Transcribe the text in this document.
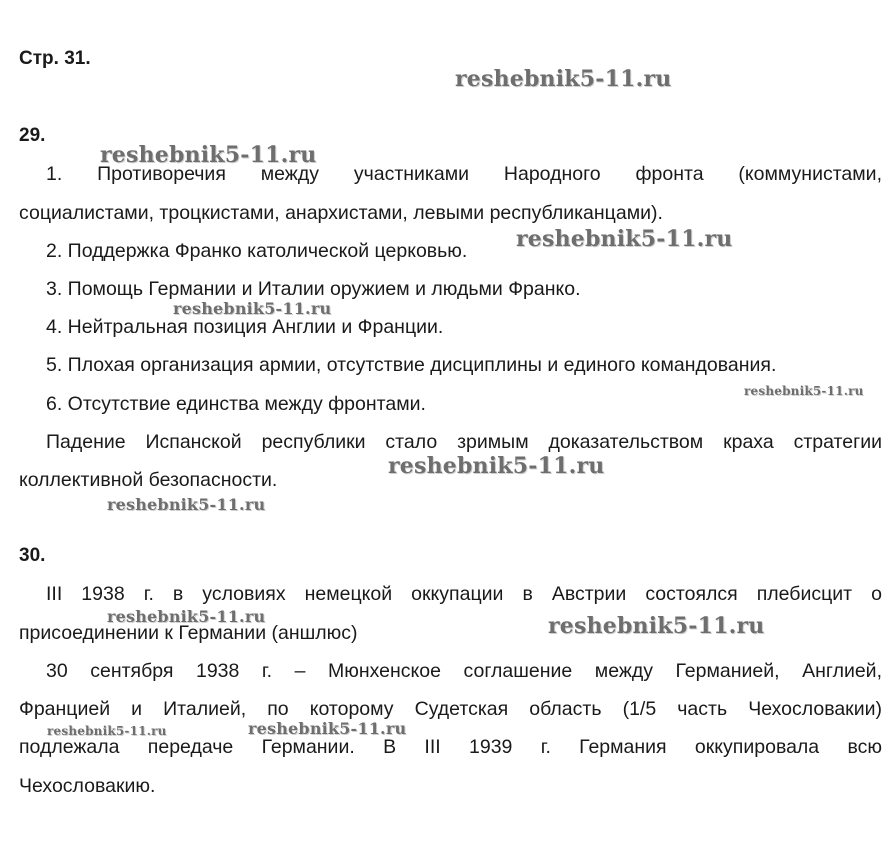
Стр. 31.
29.
1. Противоречия между участниками Народного фронта (коммунистами,
социалистами, троцкистами, анархистами, левыми республиканцами).
2. Поддержка Франко католической церковью.
3. Помощь Германии и Италии оружием и людьми Франко.
4. Нейтральная позиция Англии и Франции.
5. Плохая организация армии, отсутствие дисциплины и единого командования.
6. Отсутствие единства между фронтами.
Падение Испанской республики стало зримым доказательством краха стратегии
коллективной безопасности.
30.
III 1938 г. в условиях немецкой оккупации в Австрии состоялся плебисцит о
присоединении к Германии (аншлюс)
30 сентября 1938 г. – Мюнхенское соглашение между Германией, Англией,
Францией и Италией, по которому Судетская область (1/5 часть Чехословакии)
подлежала передаче Германии. В III 1939 г. Германия оккупировала всю
Чехословакию.
reshebnik5-11.ru
reshebnik5-11.ru
reshebnik5-11.ru
reshebnik5-11.ru
reshebnik5-11.ru
reshebnik5-11.ru
reshebnik5-11.ru
reshebnik5-11.ru	reshebnik5-11.ru
reshebnik5-11.ru	reshebnik5-11.ru
